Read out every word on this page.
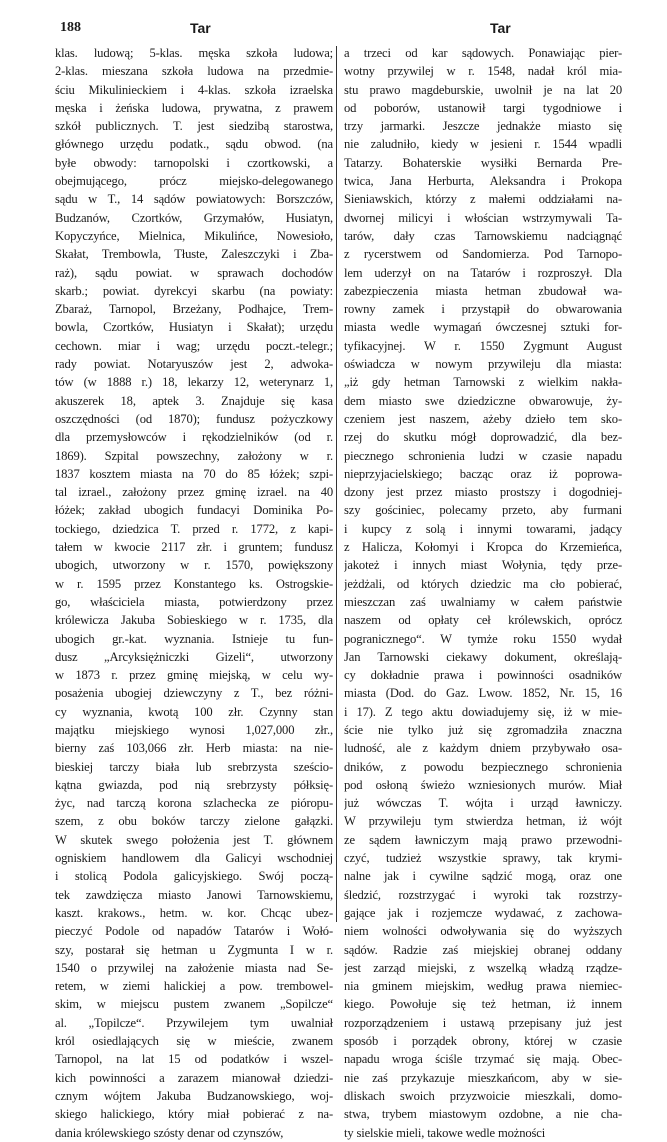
188	Tar	Tar
klas. ludową; 5-klas. męska szkoła ludowa;
2-klas. mieszana szkoła ludowa na przedmie-
ściu Mikulinieckiem i 4-klas. szkoła izraelska
męska i żeńska ludowa, prywatna, z prawem
szkół publicznych. T. jest siedzibą starostwa,
głównego urzędu podatk., sądu obwod. (na
byłe obwody: tarnopolski i czortkowski, a
obejmującego, prócz miejsko-delegowanego
sądu w T., 14 sądów powiatowych: Borszczów,
Budzanów, Czortków, Grzymałów, Husiatyn,
Kopyczyńce, Mielnica, Mikulińce, Nowesioło,
Skałat, Trembowla, Tłuste, Zaleszczyki i Zba-
raż), sądu powiat. w sprawach dochodów
skarb.; powiat. dyrekcyi skarbu (na powiaty:
Zbaraż, Tarnopol, Brzeżany, Podhajce, Trem-
bowla, Czortków, Husiatyn i Skałat); urzędu
cechown. miar i wag; urzędu poczt.-telegr.;
rady powiat. Notaryuszów jest 2, adwoka-
tów (w 1888 r.) 18, lekarzy 12, weterynarz 1,
akuszerek 18, aptek 3. Znajduje się kasa
oszczędności (od 1870); fundusz pożyczkowy
dla przemysłowców i rękodzielników (od r.
1869). Szpital powszechny, założony w r.
1837 kosztem miasta na 70 do 85 łóżek; szpi-
tal izrael., założony przez gminę izrael. na 40
łóżek; zakład ubogich fundacyi Dominika Po-
tockiego, dziedzica T. przed r. 1772, z kapi-
tałem w kwocie 2117 złr. i gruntem; fundusz
ubogich, utworzony w r. 1570, powiększony
w r. 1595 przez Konstantego ks. Ostrogskie-
go, właściciela miasta, potwierdzony przez
królewicza Jakuba Sobieskiego w r. 1735, dla
ubogich gr.-kat. wyznania. Istnieje tu fun-
dusz „Arcyksiężniczki Gizeli“, utworzony
w 1873 r. przez gminę miejską, w celu wy-
posażenia ubogiej dziewczyny z T., bez różni-
cy wyznania, kwotą 100 złr. Czynny stan
majątku miejskiego wynosi 1,027,000 złr.,
bierny zaś 103,066 złr. Herb miasta: na nie-
bieskiej tarczy biała lub srebrzysta sześcio-
kątna gwiazda, pod nią srebrzysty półksię-
życ, nad tarczą korona szlachecka ze pióropu-
szem, z obu boków tarczy zielone gałązki.
W skutek swego położenia jest T. głównem
ogniskiem handlowem dla Galicyi wschodniej
i stolicą Podola galicyjskiego. Swój począ-
tek zawdzięcza miasto Janowi Tarnowskiemu,
kaszt. krakows., hetm. w. kor. Chcąc ubez-
pieczyć Podole od napadów Tatarów i Wołó-
szy, postarał się hetman u Zygmunta I w r.
1540 o przywilej na założenie miasta nad Se-
retem, w ziemi halickiej a pow. trembowel-
skim, w miejscu pustem zwanem „Sopilcze“
al. „Topilcze“. Przywilejem tym uwalniał
król osiedlających się w mieście, zwanem
Tarnopol, na lat 15 od podatków i wszel-
kich powinności a zarazem mianował dziedzi-
cznym wójtem Jakuba Budzanowskiego, woj-
skiego halickiego, który miał pobierać z na-
dania królewskiego szósty denar od czynszów,
a trzeci od kar sądowych. Ponawiając pier-
wotny przywilej w r. 1548, nadał król mia-
stu prawo magdeburskie, uwolnił je na lat 20
od poborów, ustanowił targi tygodniowe i
trzy jarmarki. Jeszcze jednakże miasto się
nie zaludniło, kiedy w jesieni r. 1544 wpadli
Tatarzy. Bohaterskie wysiłki Bernarda Pre-
twica, Jana Herburta, Aleksandra i Prokopa
Sieniawskich, którzy z małemi oddziałami na-
dwornej milicyi i włościan wstrzymywali Ta-
tarów, dały czas Tarnowskiemu nadciągnąć
z rycerstwem od Sandomierza. Pod Tarnopo-
lem uderzył on na Tatarów i rozproszył. Dla
zabezpieczenia miasta hetman zbudował wa-
rowny zamek i przystąpił do obwarowania
miasta wedle wymagań ówczesnej sztuki for-
tyfikacyjnej. W r. 1550 Zygmunt August
oświadcza w nowym przywileju dla miasta:
„iż gdy hetman Tarnowski z wielkim nakła-
dem miasto swe dziedziczne obwarowuje, ży-
czeniem jest naszem, ażeby dzieło tem sko-
rzej do skutku mógł doprowadzić, dla bez-
piecznego schronienia ludzi w czasie napadu
nieprzyjacielskiego; bacząc oraz iż poprowa-
dzony jest przez miasto prostszy i dogodniej-
szy gościniec, polecamy przeto, aby furmani
i kupcy z solą i innymi towarami, jadący
z Halicza, Kołomyi i Kropca do Krzemieńca,
jakoteż i innych miast Wołynia, tędy prze-
jeżdżali, od których dziedzic ma cło pobierać,
mieszczan zaś uwalniamy w całem państwie
naszem od opłaty ceł królewskich, oprócz
pogranicznego“. W tymże roku 1550 wydał
Jan Tarnowski ciekawy dokument, określają-
cy dokładnie prawa i powinności osadników
miasta (Dod. do Gaz. Lwow. 1852, Nr. 15, 16
i 17). Z tego aktu dowiadujemy się, iż w mie-
ście nie tylko już się zgromadziła znaczna
ludność, ale z każdym dniem przybywało osa-
dników, z powodu bezpiecznego schronienia
pod osłoną świeżo wzniesionych murów. Miał
już wówczas T. wójta i urząd ławniczy.
W przywileju tym stwierdza hetman, iż wójt
ze sądem ławniczym mają prawo przewodni-
czyć, tudzież wszystkie sprawy, tak krymi-
nalne jak i cywilne sądzić mogą, oraz one
śledzić, rozstrzygać i wyroki tak rozstrzy-
gające jak i rozjemcze wydawać, z zachowa-
niem wolności odwoływania się do wyższych
sądów. Radzie zaś miejskiej obranej oddany
jest zarząd miejski, z wszelką władzą rządze-
nia gminem miejskim, według prawa niemiec-
kiego. Powołuje się też hetman, iż innem
rozporządzeniem i ustawą przepisany już jest
sposób i porządek obrony, której w czasie
napadu wroga ściśle trzymać się mają. Obec-
nie zaś przykazuje mieszkańcom, aby w sie-
dliskach swoich przyzwoicie mieszkali, domo-
stwa, trybem miastowym ozdobne, a nie cha-
ty sielskie mieli, takowe wedle możności
